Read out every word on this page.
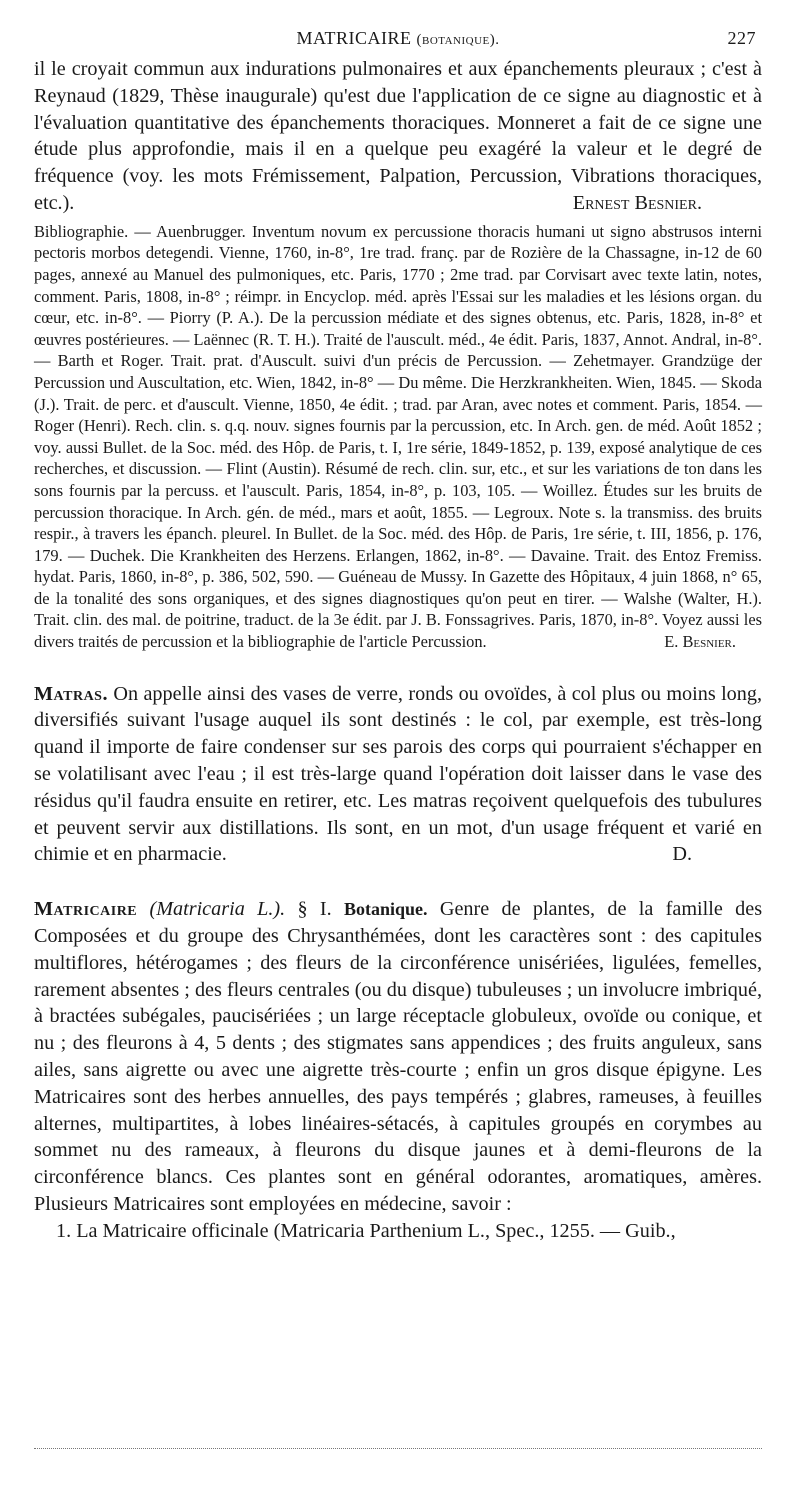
MATRICAIRE (botanique).	227

il le croyait commun aux indurations pulmonaires et aux épanchements pleuraux ; c'est à Reynaud (1829, Thèse inaugurale) qu'est due l'application de ce signe au diagnostic et à l'évaluation quantitative des épanchements thoraciques. Monneret a fait de ce signe une étude plus approfondie, mais il en a quelque peu exagéré la valeur et le degré de fréquence (voy. les mots Frémissement, Palpation, Percussion, Vibrations thoraciques, etc.).	Ernest Besnier.

Bibliographie. — Auenbrugger. Inventum novum ex percussione thoracis humani ut signo abstrusos interni pectoris morbos detegendi. Vienne, 1760, in-8°, 1re trad. franç. par de Rozière de la Chassagne, in-12 de 60 pages, annexé au Manuel des pulmoniques, etc. Paris, 1770 ; 2me trad. par Corvisart avec texte latin, notes, comment. Paris, 1808, in-8° ; réimpr. in Encyclop. méd. après l'Essai sur les maladies et les lésions organ. du cœur, etc. in-8°. — Piorry (P. A.). De la percussion médiate et des signes obtenus, etc. Paris, 1828, in-8° et œuvres postérieures. — Laënnec (R. T. H.). Traité de l'auscult. méd., 4e édit. Paris, 1837, Annot. Andral, in-8°. — Barth et Roger. Trait. prat. d'Auscult. suivi d'un précis de Percussion. — Zehetmayer. Grandzüge der Percussion und Auscultation, etc. Wien, 1842, in-8° — Du même. Die Herzkrankheiten. Wien, 1845. — Skoda (J.). Trait. de perc. et d'auscult. Vienne, 1850, 4e édit. ; trad. par Aran, avec notes et comment. Paris, 1854. — Roger (Henri). Rech. clin. s. q.q. nouv. signes fournis par la percussion, etc. In Arch. gen. de méd. Août 1852 ; voy. aussi Bullet. de la Soc. méd. des Hôp. de Paris, t. I, 1re série, 1849-1852, p. 139, exposé analytique de ces recherches, et discussion. — Flint (Austin). Résumé de rech. clin. sur, etc., et sur les variations de ton dans les sons fournis par la percuss. et l'auscult. Paris, 1854, in-8°, p. 103, 105. — Woillez. Études sur les bruits de percussion thoracique. In Arch. gén. de méd., mars et août, 1855. — Legroux. Note s. la transmiss. des bruits respir., à travers les épanch. pleurel. In Bullet. de la Soc. méd. des Hôp. de Paris, 1re série, t. III, 1856, p. 176, 179. — Duchek. Die Krankheiten des Herzens. Erlangen, 1862, in-8°. — Davaine. Trait. des Entoz Fremiss. hydat. Paris, 1860, in-8°, p. 386, 502, 590. — Guéneau de Mussy. In Gazette des Hôpitaux, 4 juin 1868, n° 65, de la tonalité des sons organiques, et des signes diagnostiques qu'on peut en tirer. — Walshe (Walter, H.). Trait. clin. des mal. de poitrine, traduct. de la 3e édit. par J. B. Fonssagrives. Paris, 1870, in-8°. Voyez aussi les divers traités de percussion et la bibliographie de l'article Percussion.	E. Besnier.

Matras. On appelle ainsi des vases de verre, ronds ou ovoïdes, à col plus ou moins long, diversifiés suivant l'usage auquel ils sont destinés : le col, par exemple, est très-long quand il importe de faire condenser sur ses parois des corps qui pourraient s'échapper en se volatilisant avec l'eau ; il est très-large quand l'opération doit laisser dans le vase des résidus qu'il faudra ensuite en retirer, etc. Les matras reçoivent quelquefois des tubulures et peuvent servir aux distillations. Ils sont, en un mot, d'un usage fréquent et varié en chimie et en pharmacie.	D.

Matricaire (Matricaria L.). § I. Botanique. Genre de plantes, de la famille des Composées et du groupe des Chrysanthémées, dont les caractères sont : des capitules multiflores, hétérogames ; des fleurs de la circonférence unisériées, ligulées, femelles, rarement absentes ; des fleurs centrales (ou du disque) tubuleuses ; un involucre imbriqué, à bractées subégales, paucisériées ; un large réceptacle globuleux, ovoïde ou conique, et nu ; des fleurons à 4, 5 dents ; des stigmates sans appendices ; des fruits anguleux, sans ailes, sans aigrette ou avec une aigrette très-courte ; enfin un gros disque épigyne. Les Matricaires sont des herbes annuelles, des pays tempérés ; glabres, rameuses, à feuilles alternes, multipartites, à lobes linéaires-sétacés, à capitules groupés en corymbes au sommet nu des rameaux, à fleurons du disque jaunes et à demi-fleurons de la circonférence blancs. Ces plantes sont en général odorantes, aromatiques, amères. Plusieurs Matricaires sont employées en médecine, savoir :

1. La Matricaire officinale (Matricaria Parthenium L., Spec., 1255. — Guib.,
